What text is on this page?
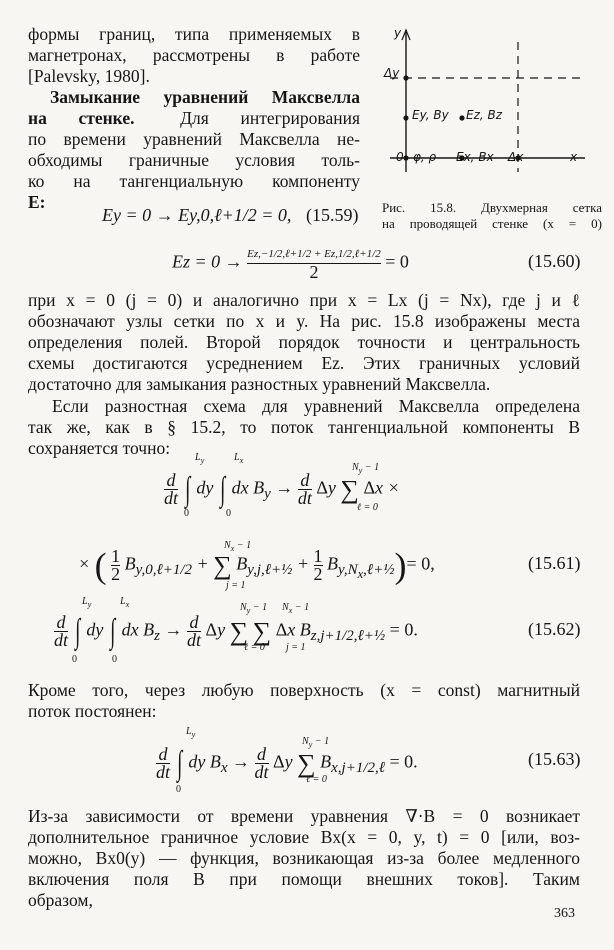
формы границ, типа применяемых в
магнетронах, рассмотрены в работе
[Palevsky, 1980].
Замыкание уравнений Максвелла
на стенке.	Для интегрирования
по времени уравнений Максвелла не-
обходимы граничные условия толь-
ко на тангенциальную компоненту
E:
y
x
Δy
0 φ, ρ Ex, Bx Δx
Ey, By Ez, Bz
Рис. 15.8. Двухмерная сетка
на проводящей стенке (x = 0)
Ey = 0 → Ey,0,ℓ+1/2 = 0, (15.59)
$Ez = 0 \to \frac{\text{Ez,−1/2,ℓ+1/2 + Ez,1/2,ℓ+1/2}}{2} = 0$	(15.60)
при x = 0 (j = 0) и аналогично при x = Lx (j = Nx), где j и ℓ
обозначают узлы сетки по x и y. На рис. 15.8 изображены места
определения полей. Второй порядок точности и центральность
схемы достигаются усреднением Ez. Этих граничных условий
достаточно для замыкания разностных уравнений Максвелла.
Если разностная схема для уравнений Максвелла определена
так же, как в § 15.2, то поток тангенциальной компоненты B
сохраняется точно:
$\frac{d}{dt}$ ∫ dy ∫ dx $B_y \to \frac{d}{dt}$ Δy ∑ Δx ×
$L_y$
0
$L_x$
0
$N_y - 1$
ℓ = 0
× ( $\frac{1}{2} B_{y,0,\ell+1/2}$ + ∑ $B_{y,j,\ell+\frac{1}{2}} + \frac{1}{2} B_{y,N_x,\ell+\frac{1}{2}})= 0$,
$N_x - 1$
j = 1
(15.61)
$\frac{d}{dt}$ ∫ dy ∫ dx $B_z \to \frac{d}{dt}$ Δy ∑ ∑ Δx $B_{z,j+1/2,\ell+\frac{1}{2}} = 0$.
$L_y$
0
$L_x$
0
$N_y - 1$
ℓ = 0
$N_x - 1$
j = 1
(15.62)
Кроме того, через любую поверхность (x = const) магнитный
поток постоянен:
$\frac{d}{dt}$ ∫ dy $B_x \to \frac{d}{dt}$ Δy ∑ $B_{x,j+1/2,\ell} = 0$.
$L_y$
0
$N_y - 1$
ℓ = 0
(15.63)
Из-за зависимости от времени уравнения ∇·B = 0 возникает
дополнительное граничное условие Bx(x = 0, y, t) = 0 [или, воз-
можно, Bx0(y) — функция, возникающая из-за более медленного
включения поля B при помощи внешних токов]. Таким
образом,
363
